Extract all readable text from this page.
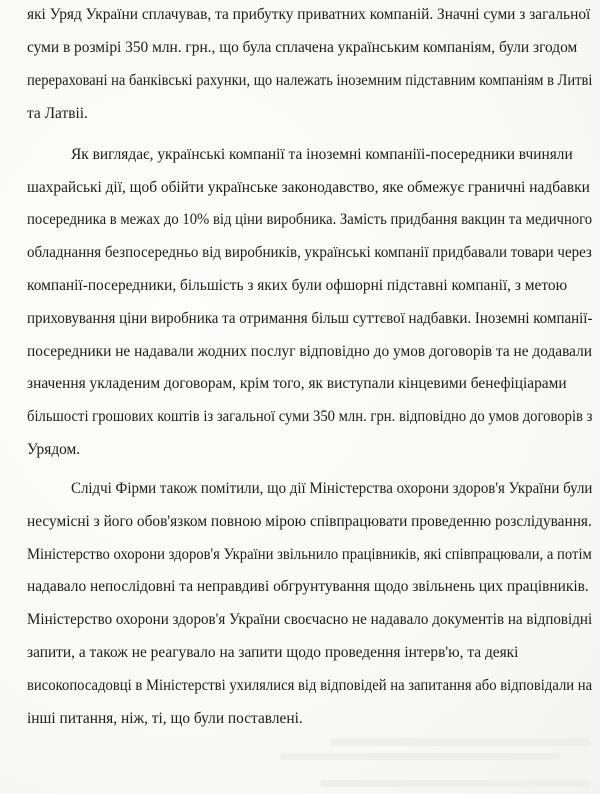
які Уряд України сплачував, та прибутку приватних компаній. Значні суми з загальної
суми в розмірі 350 млн. грн., що була сплачена українським компаніям, були згодом
перераховані на банківські рахунки, що належать іноземним підставним компаніям в Литві
та Латвіі.
Як виглядає, українські компанії та іноземні компаніїі-посередники вчиняли
шахрайські дії, щоб обійти українське законодавство, яке обмежує граничні надбавки
посередника в межах до 10% від ціни виробника. Замість придбання вакцин та медичного
обладнання безпосередньо від виробників, українські компанії придбавали товари через
компанії-посередники, більшість з яких були офшорні підставні компанії, з метою
приховування ціни виробника та отримання більш суттєвої надбавки. Іноземні компанії-
посередники не надавали жодних послуг відповідно до умов договорів та не додавали
значення укладеним договорам, крім того, як виступали кінцевими бенефіціарами
більшості грошових коштів із загальної суми 350 млн. грн. відповідно до умов договорів з
Урядом.
Слідчі Фірми також помітили, що дії Міністерства охорони здоров'я України були
несумісні з його обов'язком повною мірою співпрацювати проведенню розслідування.
Міністерство охорони здоров'я України звільнило працівників, які співпрацювали, а потім
надавало непослідовні та неправдиві обгрунтування щодо звільнень цих працівників.
Міністерство охорони здоров'я України своєчасно не надавало документів на відповідні
запити, а також не реагувало на запити щодо проведення інтерв'ю, та деякі
високопосадовці в Міністерстві ухилялися від відповідей на запитання або відповідали на
інші питання, ніж, ті, що були поставлені.
